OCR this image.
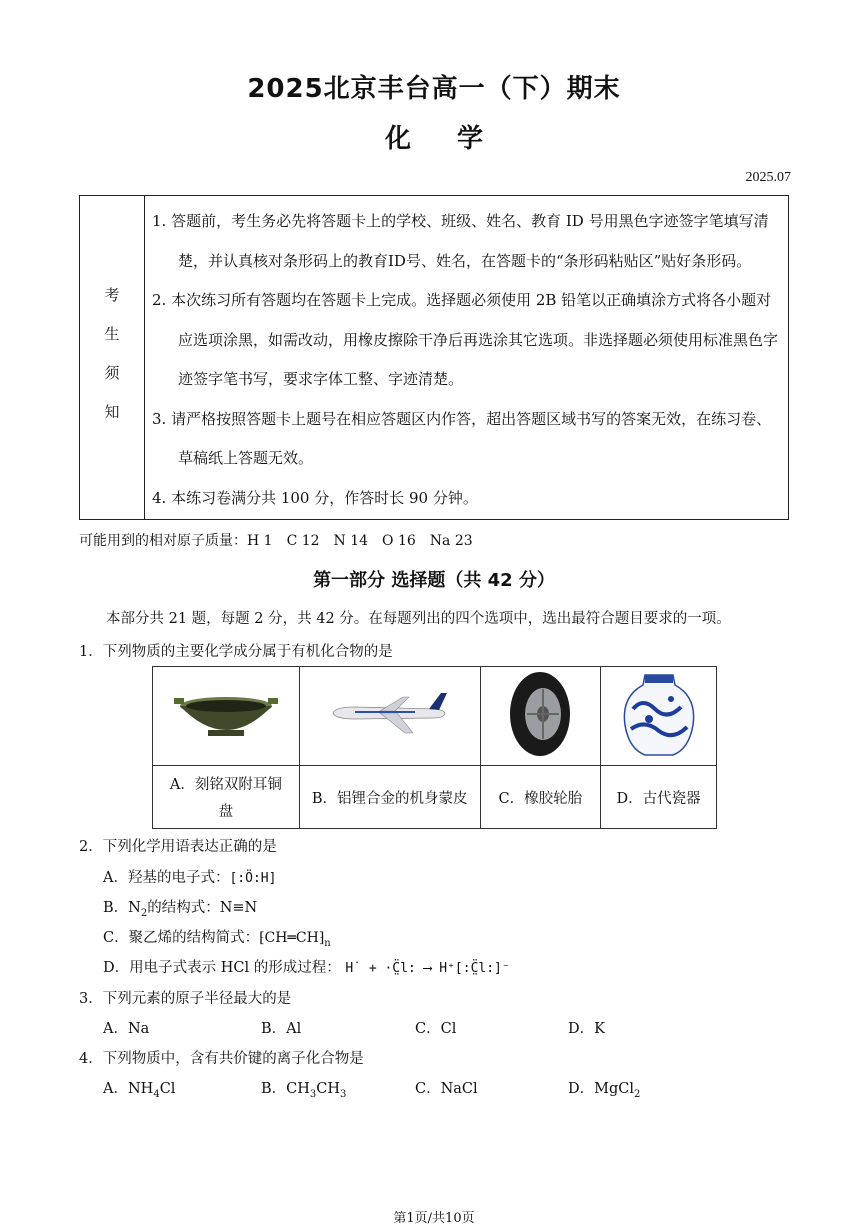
2025北京丰台高一（下）期末
化 学
2025.07
考
生
须
知
1. 答题前，考生务必先将答题卡上的学校、班级、姓名、教育 ID 号用黑色字迹签字笔填写清
楚，并认真核对条形码上的教育ID号、姓名，在答题卡的“条形码粘贴区”贴好条形码。
2. 本次练习所有答题均在答题卡上完成。选择题必须使用 2B 铅笔以正确填涂方式将各小题对
应选项涂黑，如需改动，用橡皮擦除干净后再选涂其它选项。非选择题必须使用标准黑色字
迹签字笔书写，要求字体工整、字迹清楚。
3. 请严格按照答题卡上题号在相应答题区内作答，超出答题区域书写的答案无效，在练习卷、
草稿纸上答题无效。
4. 本练习卷满分共 100 分，作答时长 90 分钟。
可能用到的相对原子质量：H 1　C 12　N 14　O 16　Na 23
第一部分 选择题（共 42 分）
本部分共 21 题，每题 2 分，共 42 分。在每题列出的四个选项中，选出最符合题目要求的一项。
1．下列物质的主要化学成分属于有机化合物的是

A．刻铭双附耳铜
盘	B．铝锂合金的机身蒙皮	C．橡胶轮胎	D．古代瓷器
2．下列化学用语表达正确的是
A．羟基的电子式：[:Ö:H]
B．$N_2$的结构式：N≡N
C．聚乙烯的结构简式：$⁅CH═CH⁆_n$
D．用电子式表示 HCl 的形成过程： H˙ + ·C̤̈l: ⟶ H⁺[:C̤̈l:]⁻
3．下列元素的原子半径最大的是
A．Na	B．Al	C．Cl	D．K
4．下列物质中，含有共价键的离子化合物是
A．$NH_4Cl$	B．$CH_3CH_3$	C．NaCl	D．MgCl$_2$
第1页/共10页
